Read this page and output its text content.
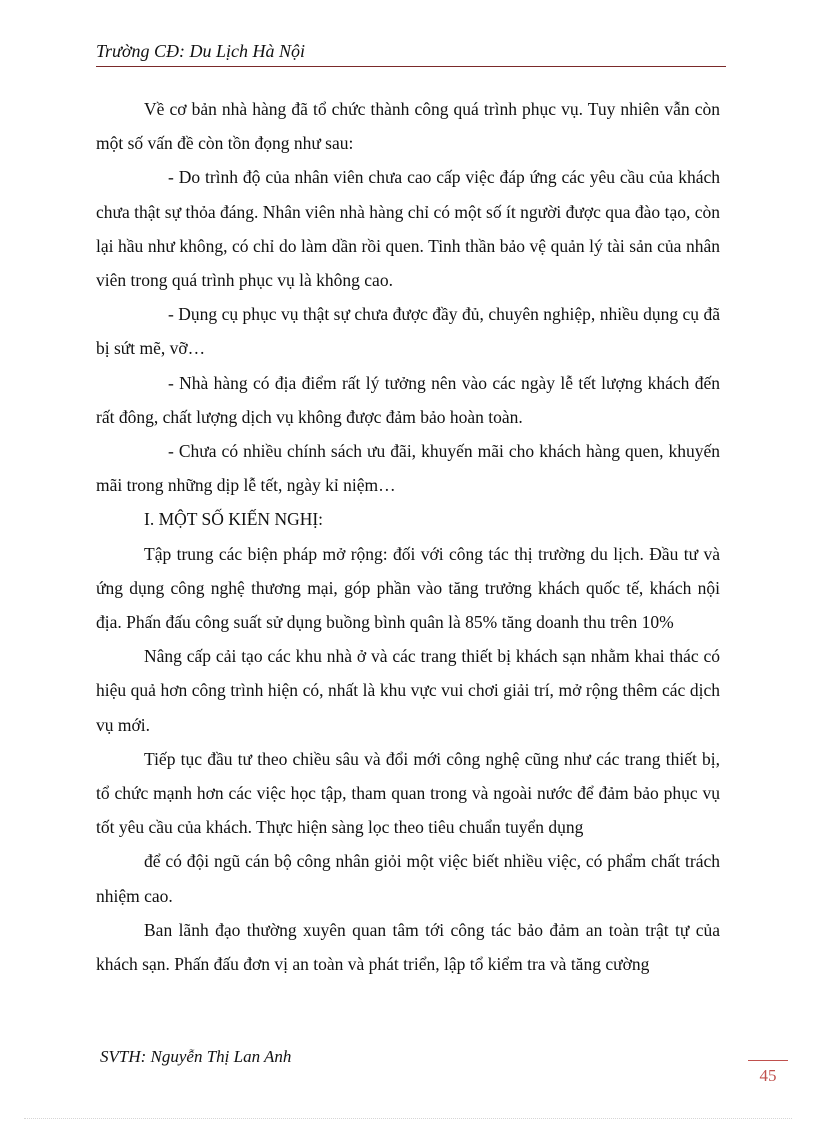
Trường CĐ: Du Lịch Hà Nội

Về cơ bản nhà hàng đã tổ chức thành công quá trình phục vụ. Tuy nhiên vẫn còn một số vấn đề còn tồn đọng như sau:

- Do trình độ của nhân viên chưa cao cấp việc đáp ứng các yêu cầu của khách chưa thật sự thỏa đáng. Nhân viên nhà hàng chỉ có một số ít người được qua đào tạo, còn lại hầu như không, có chỉ do làm dần rồi quen. Tinh thần bảo vệ quản lý tài sản của nhân viên trong quá trình phục vụ là không cao.

- Dụng cụ phục vụ thật sự chưa được đầy đủ, chuyên nghiệp, nhiều dụng cụ đã bị sứt mẽ, vỡ…

- Nhà hàng có địa điểm rất lý tưởng nên vào các ngày lễ tết lượng khách đến rất đông, chất lượng dịch vụ không được đảm bảo hoàn toàn.

- Chưa có nhiều chính sách ưu đãi, khuyến mãi cho khách hàng quen, khuyến mãi trong những dịp lễ tết, ngày kỉ niệm…

I. MỘT SỐ KIẾN NGHỊ:

Tập trung các biện pháp mở rộng: đối với công tác thị trường du lịch. Đầu tư và ứng dụng công nghệ thương mại, góp phần vào tăng trưởng khách quốc tế, khách nội địa. Phấn đấu công suất sử dụng buồng bình quân là 85% tăng doanh thu trên 10%

Nâng cấp cải tạo các khu nhà ở và các trang thiết bị khách sạn nhằm khai thác có hiệu quả hơn công trình hiện có, nhất là khu vực vui chơi giải trí, mở rộng thêm các dịch vụ mới.

Tiếp tục đầu tư theo chiều sâu và đổi mới công nghệ cũng như các trang thiết bị, tổ chức mạnh hơn các việc học tập, tham quan trong và ngoài nước để đảm bảo phục vụ tốt yêu cầu của khách. Thực hiện sàng lọc theo tiêu chuẩn tuyển dụng

để có đội ngũ cán bộ công nhân giỏi một việc biết nhiều việc, có phẩm chất trách nhiệm cao.

Ban lãnh đạo thường xuyên quan tâm tới công tác bảo đảm an toàn trật tự của khách sạn. Phấn đấu đơn vị an toàn và phát triển, lập tổ kiểm tra và tăng cường

SVTH: Nguyễn Thị Lan Anh
45
